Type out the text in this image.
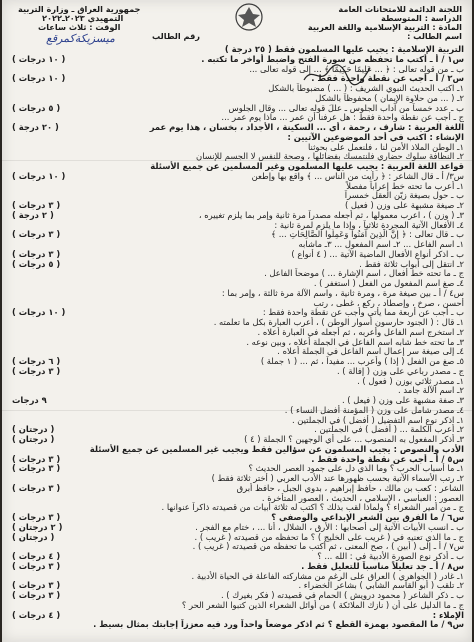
اللجنة الدائمة للامتحانات العامة
الدراسة : المتوسطة
المادة : التربية الإسلامية واللغة العربية
اسم الطالب :
جمهورية العراق ـ وزارة التربية
التمهيدي ٢٠٢٣ـ٢٠٢٢
الوقت : ثلاث ساعات
رقم الطالب
ميسزيكةكمرقع
التربية الإسلامية : يجيب عليها المسلمون فقط ( ٢٥ درجة )
س١ / أ ـ أكتب ما تحفظه من سورة الفتح واضبط أواخر ما تكتبه .
( ١٠ درجات )
ب ـ من قوله تعالى : ﴿ ... عَلِيمًا حَكِيمًا ﴾ ... إلى قوله تعالى ...
س٢ / أ ـ أجب عن نقطة واحدة فقط .
( ١٠ درجات )
١ـ اكتب الحديث النبوي الشريف : ( ... ) مضبوطاً بالشكل
٢ـ ( ... من حلاوة الإيمان ) محفوظاً بالشكل
ب ـ عدد خمساً من آداب الجلوس ـ عللَ قوله تعالى ... وقال الجلوس
( ٥ درجات )
ج ـ أجب عن نقطة واحدة فقط : هل عرفنا أن عمر ... ماذا يوم عمر ...
اللغة العربية : شارف ، رحمة ، أي ... السكينة ، الأجداد ، بخسان ، هذا يوم عمر
( ٢٠ درجة )
الإنشاء : اكتب في أحد الموضوعين الآتيين :
١ـ الوطن الملاذ الأمن لنا ، فلنعمل على بحوثنا
٢ـ النظافة سلوك حضاري فلنتمسك بفضائلها ، وصحة للنفس لا الجسم للإنسان
قواعد اللغة العربية : يجيب عليها المسلمون وغير المسلمين عن جميع الأسئلة
س٣/ أ ـ قال الشاعر : ﴿ رأيت من الناس ... ﴾ واقع بها وإطعن
( ١٠ درجات )
١ـ أعرب ما تحته خط إعراباً مفصلاً
ب ـ حول بصيغة زيّن العقل خمسراً
٢ـ صيغة مشبهة على وزن ( فعيل )
( ٣ درجات )
٣ـ ( وزن ) ، اعرب معمولها ، ثم أجعله مصدراً مرة ثانية وإمر بما يلزم تغييره ،
( ٢ درجة )
٤ـ الأفعال الآتية المجردة ثلاثياً ، وإذا ما يلزم لمرة ثانية :
ب ـ قال تعالى : ﴿ إِنَّ الَّذِينَ آمَنُوا وَعَمِلُوا الصَّالِحَاتِ ... ﴾
( ٣ درجات )
١ـ اسم الفاعل ... ٢ـ اسم المفعول ... ٣ـ ماشابه
ب ـ اذكر أنواع الأفعال الماضية الآتية ... ( ٤ أنواع )
( ٣ درجات )
٢ـ انتقل إلى أبواب ثلاثة فقط .
( ٥ درجات )
ج ـ ما تحته خط أفعال ، اسم الإشارة ... ) موضحاً الفاعل .
٤ـ صغ اسم المفعول من الفعل ( استغفر ) .
س٤ / أ ـ بين صيغة مرة ، ومرة ثانية ، واسم الآلة مرة ثالثة ، وإمر بما :
أحسن ، صرخ ، وإصطاد ، ركع ، غطى ، رتب
ب ـ أجب عن أربعة مما يأتي وأجب عن نقطة واحدة فقط :
( ١٠ درجات )
١ـ قال : ( الجنود حارسون أسوار الوطن ) ، أعرب العبارة بكل ما تعلمته .
٢ـ استخرج اسم الفاعل وأعربه ، ثم أجعله في العبارة أعلاه .
٣ـ ما تحته خط شابه اسم الفاعل في الجملة أعلاه ، وبين نوعه .
٤ـ إلى صيغة سر إعمال اسم الفاعل في الجملة أعلاه .
٥ـ صغ من الفعل ( إذا ) وأعرب ... مفيداً ، ثم ... ( ١ جملة )
( ٦ درجات )
ج ـ مصدر رباعي على وزن ( إفالة ) .
( ٣ درجات )
١ـ مصدر ثلاثي بوزن ( فعول ) .
٢ـ اسم الآلة جامد .
٣ـ صفة مشبهة على وزن ( فيعل ) .
٩ درجات
٤ـ مصدر شامل على وزن ( المؤمنة أفضل النساء ) .
١ـ اذكر نوع اسم التفضيل ( أفضل ) في الجملتين .
٢ـ أعرب الكلمة ... ( أفضل ) في الجملتين .
( درجتان )
٣ـ أذكر المفعول به المنصوب ... على أي الوجهين ؟ الجملة ( ٤ )
( درجتان )
الأدب والنصوص : يجيب المسلمون عن سؤالين فقط ويجيب غير المسلمين عن جميع الأسئلة
س٥ / أ ـ أجب عن نقطة واحدة فقط .
( ٣ درجات )
١ـ ما أسباب الحرب ؟ وما الذي دل على جمود العصر الحديث ؟
( ٣ درجات )
٢ـ رتب الأسماء الآتية بحسب ظهورها عند الأدب العربي ( أختر ثلاثة فقط )
الشاعر : كعب بن مالك ، حافظ إبراهيم ، بدوي الجبل ، حافظ أبرق
( ٣ درجات )
العصور : العباسي ، الإسلامي ، الحديث ، العصور المتأخرة .
ج ـ من أمير الشعراء ؟ ولماذا لقب بذلك ؟ اكتب له ثلاثة أبيات من قصيدته ذاكراً عنوانها .
س٦ / ما الفرق بين الشعر الإبداعي والوصفي ؟
( ٣ درجات )
ب ـ انسب الأبيات الآتية إلى أصحابها : الأرق ، الشلال ، أنا ... ، ختام مع الفجر .
( ٢ درجتان )
ج ـ ما الذي تعنيه في ( غريب على الخليج ) ؟ ما تحفظه من قصيدته ( غريب ) .
( درجتان )
س٧ / أ ـ إلى ( أبين ) ، صح المعنى ، ثم أكتب ما تحفظه من قصيدته ( غريب ) .
ب ـ أذكر نوع الصورة الأدبية في : الله ... ؟
( ٤ درجات )
س٨ / أ ـ جد تعليلاً مناسباً للتعليل فقط .
( ٣ درجات )
١ـ غادر ( الجواهري ) العراق على الرغم من مشاركته الفاعلة في الحياة الأدبية .
٢ـ تلقب ( أبو القاسم الشابي ) بشاعر الخضراء .
( ٣ درجات )
ب ـ ذكر الشاعر ( محمود درويش ) الحمام في قصيدته ( فكر بغيرك ) .
( ٣ درجات )
ج ـ ما الدليل على أن ( نازك الملائكة ) من أوائل الشعراء الذين كتبوا الشعر الحر ؟
الإملاء :
( ٤ درجات )
س٩ / ما المقصود بهمزة القطع ؟ ثم اذكر موضعاً واحداً ورد فيه معززاً إجابتك بمثال بسيط .
